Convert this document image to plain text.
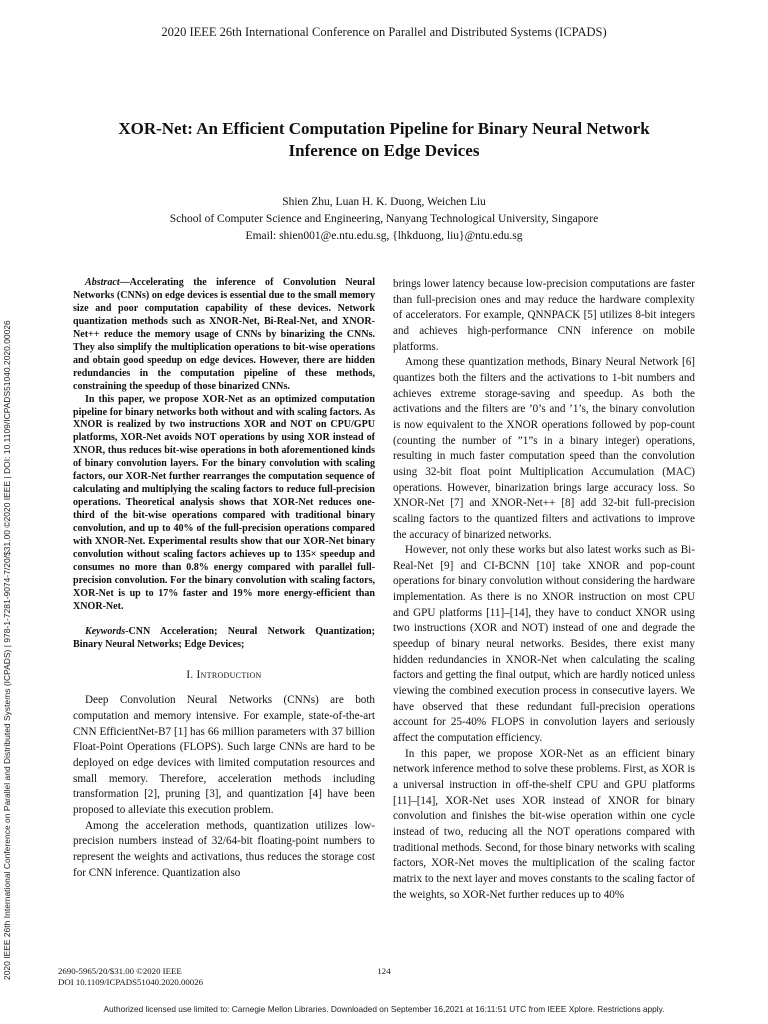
2020 IEEE 26th International Conference on Parallel and Distributed Systems (ICPADS)
XOR-Net: An Efficient Computation Pipeline for Binary Neural Network
Inference on Edge Devices
Shien Zhu, Luan H. K. Duong, Weichen Liu
School of Computer Science and Engineering, Nanyang Technological University, Singapore
Email: shien001@e.ntu.edu.sg, {lhkduong, liu}@ntu.edu.sg
2020 IEEE 26th International Conference on Parallel and Distributed Systems (ICPADS) | 978-1-7281-9074-7/20/$31.00 ©2020 IEEE | DOI: 10.1109/ICPADS51040.2020.00026

Abstract—Accelerating the inference of Convolution Neural Networks (CNNs) on edge devices is essential due to the small memory size and poor computation capability of these devices. Network quantization methods such as XNOR-Net, Bi-Real-Net, and XNOR-Net++ reduce the memory usage of CNNs by binarizing the CNNs. They also simplify the multiplication operations to bit-wise operations and obtain good speedup on edge devices. However, there are hidden redundancies in the computation pipeline of these methods, constraining the speedup of those binarized CNNs.

In this paper, we propose XOR-Net as an optimized computation pipeline for binary networks both without and with scaling factors. As XNOR is realized by two instructions XOR and NOT on CPU/GPU platforms, XOR-Net avoids NOT operations by using XOR instead of XNOR, thus reduces bit-wise operations in both aforementioned kinds of binary convolution layers. For the binary convolution with scaling factors, our XOR-Net further rearranges the computation sequence of calculating and multiplying the scaling factors to reduce full-precision operations. Theoretical analysis shows that XOR-Net reduces one-third of the bit-wise operations compared with traditional binary convolution, and up to 40% of the full-precision operations compared with XNOR-Net. Experimental results show that our XOR-Net binary convolution without scaling factors achieves up to 135× speedup and consumes no more than 0.8% energy compared with parallel full-precision convolution. For the binary convolution with scaling factors, XOR-Net is up to 17% faster and 19% more energy-efficient than XNOR-Net.

Keywords-CNN Acceleration; Neural Network Quantization; Binary Neural Networks; Edge Devices;

I. Introduction

Deep Convolution Neural Networks (CNNs) are both computation and memory intensive. For example, state-of-the-art CNN EfficientNet-B7 [1] has 66 million parameters with 37 billion Float-Point Operations (FLOPS). Such large CNNs are hard to be deployed on edge devices with limited computation resources and small memory. Therefore, acceleration methods including transformation [2], pruning [3], and quantization [4] have been proposed to alleviate this execution problem.

Among the acceleration methods, quantization utilizes low-precision numbers instead of 32/64-bit floating-point numbers to represent the weights and activations, thus reduces the storage cost for CNN inference. Quantization also

brings lower latency because low-precision computations are faster than full-precision ones and may reduce the hardware complexity of accelerators. For example, QNNPACK [5] utilizes 8-bit integers and achieves high-performance CNN inference on mobile platforms.

Among these quantization methods, Binary Neural Network [6] quantizes both the filters and the activations to 1-bit numbers and achieves extreme storage-saving and speedup. As both the activations and the filters are ’0’s and ’1’s, the binary convolution is now equivalent to the XNOR operations followed by pop-count (counting the number of ”1”s in a binary integer) operations, resulting in much faster computation speed than the convolution using 32-bit float point Multiplication Accumulation (MAC) operations. However, binarization brings large accuracy loss. So XNOR-Net [7] and XNOR-Net++ [8] add 32-bit full-precision scaling factors to the quantized filters and activations to improve the accuracy of binarized networks.

However, not only these works but also latest works such as Bi-Real-Net [9] and CI-BCNN [10] take XNOR and pop-count operations for binary convolution without considering the hardware implementation. As there is no XNOR instruction on most CPU and GPU platforms [11]–[14], they have to conduct XNOR using two instructions (XOR and NOT) instead of one and degrade the speedup of binary neural networks. Besides, there exist many hidden redundancies in XNOR-Net when calculating the scaling factors and getting the final output, which are hardly noticed unless viewing the combined execution process in consecutive layers. We have observed that these redundant full-precision operations account for 25-40% FLOPS in convolution layers and seriously affect the computation efficiency.

In this paper, we propose XOR-Net as an efficient binary network inference method to solve these problems. First, as XOR is a universal instruction in off-the-shelf CPU and GPU platforms [11]–[14], XOR-Net uses XOR instead of XNOR for binary convolution and finishes the bit-wise operation within one cycle instead of two, reducing all the NOT operations compared with traditional methods. Second, for those binary networks with scaling factors, XOR-Net moves the multiplication of the scaling factor matrix to the next layer and moves constants to the scaling factor of the weights, so XOR-Net further reduces up to 40%

2690-5965/20/$31.00 ©2020 IEEE
DOI 10.1109/ICPADS51040.2020.00026
124
Authorized licensed use limited to: Carnegie Mellon Libraries. Downloaded on September 16,2021 at 16:11:51 UTC from IEEE Xplore. Restrictions apply.
